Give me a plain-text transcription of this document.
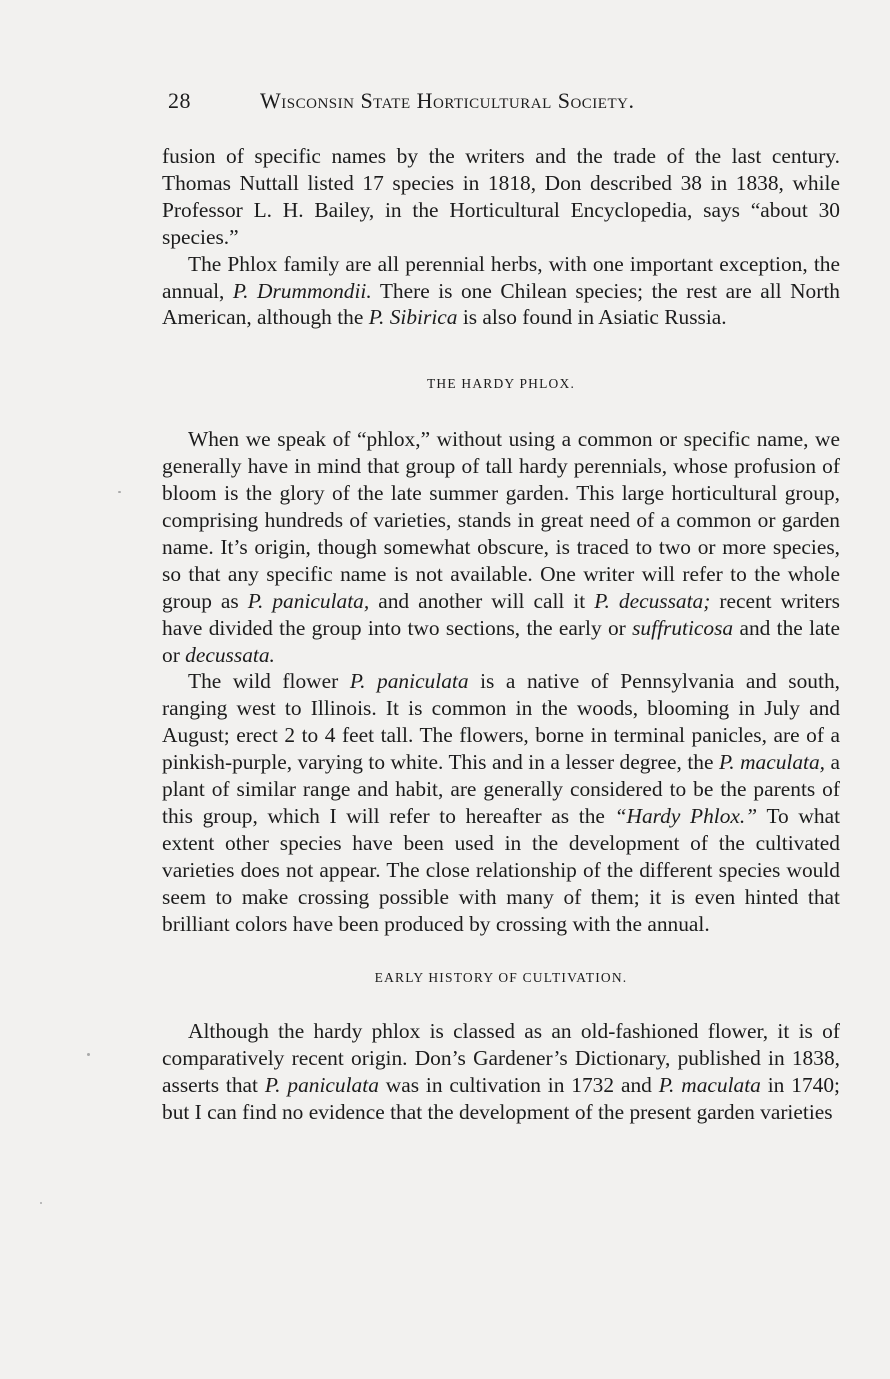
28	Wisconsin State Horticultural Society.

fusion of specific names by the writers and the trade of the last century. Thomas Nuttall listed 17 species in 1818, Don described 38 in 1838, while Professor L. H. Bailey, in the Horticultural Encyclopedia, says “about 30 species.”

The Phlox family are all perennial herbs, with one important exception, the annual, P. Drummondii. There is one Chilean species; the rest are all North American, although the P. Sibirica is also found in Asiatic Russia.

THE HARDY PHLOX.

When we speak of “phlox,” without using a common or specific name, we generally have in mind that group of tall hardy perennials, whose profusion of bloom is the glory of the late summer garden. This large horticultural group, comprising hundreds of varieties, stands in great need of a common or garden name. It’s origin, though somewhat obscure, is traced to two or more species, so that any specific name is not available. One writer will refer to the whole group as P. paniculata, and another will call it P. decussata; recent writers have divided the group into two sections, the early or suffruticosa and the late or decussata.

The wild flower P. paniculata is a native of Pennsylvania and south, ranging west to Illinois. It is common in the woods, blooming in July and August; erect 2 to 4 feet tall. The flowers, borne in terminal panicles, are of a pinkish-purple, varying to white. This and in a lesser degree, the P. maculata, a plant of similar range and habit, are generally considered to be the parents of this group, which I will refer to hereafter as the “Hardy Phlox.” To what extent other species have been used in the development of the cultivated varieties does not appear. The close relationship of the different species would seem to make crossing possible with many of them; it is even hinted that brilliant colors have been produced by crossing with the annual.

EARLY HISTORY OF CULTIVATION.

Although the hardy phlox is classed as an old-fashioned flower, it is of comparatively recent origin. Don’s Gardener’s Dictionary, published in 1838, asserts that P. paniculata was in cultivation in 1732 and P. maculata in 1740; but I can find no evidence that the development of the present garden varieties
